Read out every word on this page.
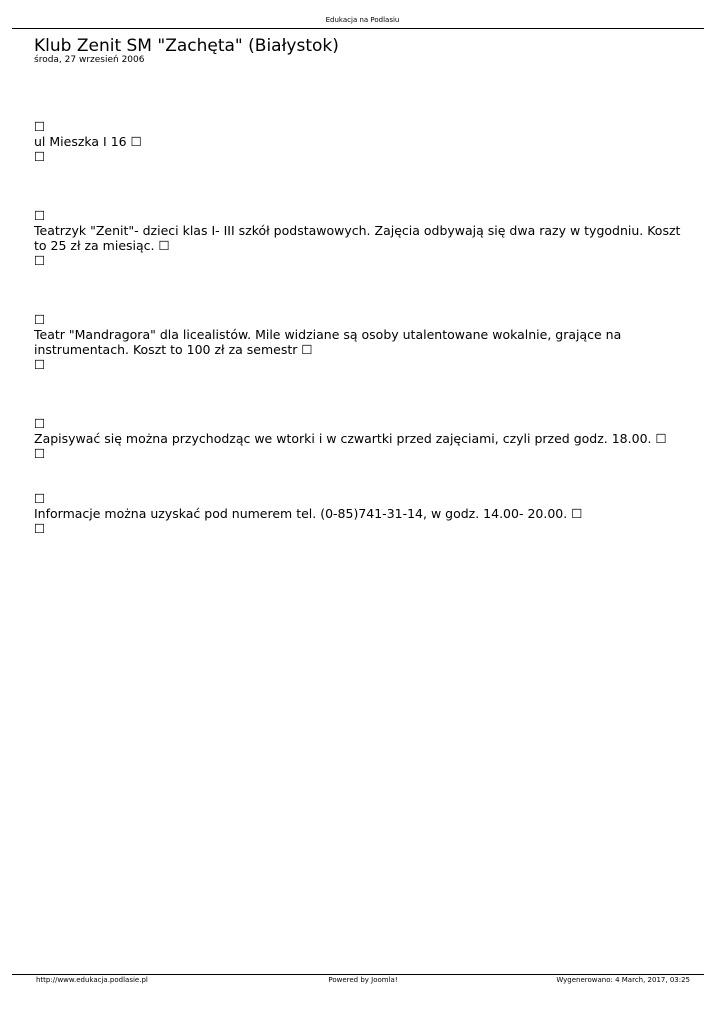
Edukacja na Podlasiu
Klub Zenit SM "Zachęta" (Białystok)
środa, 27 wrzesień 2006

☐
ul Mieszka I 16 ☐
☐

☐
Teatrzyk "Zenit"- dzieci klas I- III szkół podstawowych. Zajęcia odbywają się dwa razy w tygodniu. Koszt to 25 zł za miesiąc. ☐
☐

☐
Teatr "Mandragora" dla licealistów. Mile widziane są osoby utalentowane wokalnie, grające na instrumentach. Koszt to 100 zł za semestr ☐
☐

☐
Zapisywać się można przychodząc we wtorki i w czwartki przed zajęciami, czyli przed godz. 18.00. ☐
☐

☐
Informacje można uzyskać pod numerem tel. (0-85)741-31-14, w godz. 14.00- 20.00. ☐
☐

http://www.edukacja.podlasie.pl	Powered by Joomla!	Wygenerowano: 4 March, 2017, 03:25
